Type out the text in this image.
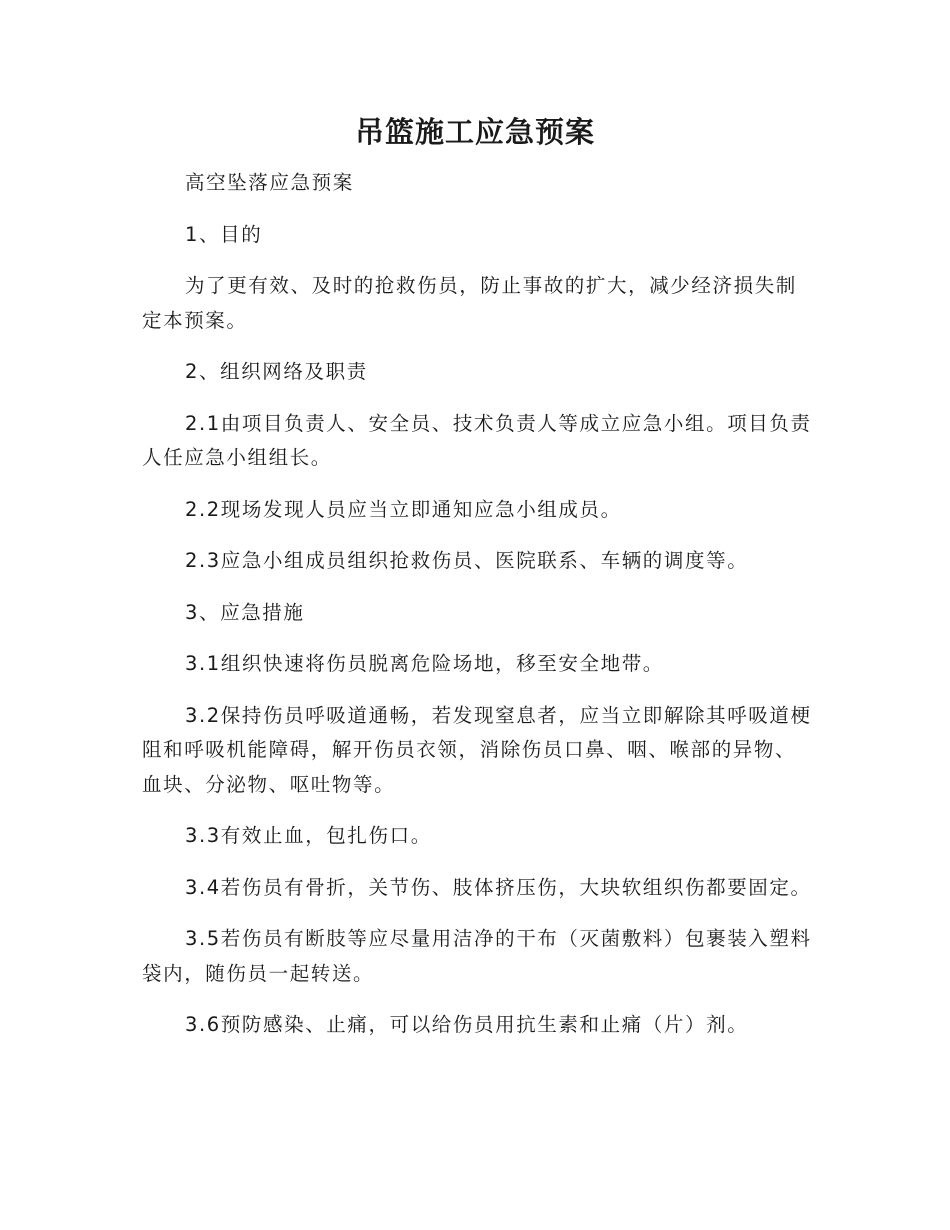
吊篮施工应急预案

高空坠落应急预案

1、目的

为了更有效、及时的抢救伤员，防止事故的扩大，减少经济损失制定本预案。

2、组织网络及职责

2.1由项目负责人、安全员、技术负责人等成立应急小组。项目负责人任应急小组组长。

2.2现场发现人员应当立即通知应急小组成员。

2.3应急小组成员组织抢救伤员、医院联系、车辆的调度等。

3、应急措施

3.1组织快速将伤员脱离危险场地，移至安全地带。

3.2保持伤员呼吸道通畅，若发现窒息者，应当立即解除其呼吸道梗阻和呼吸机能障碍，解开伤员衣领，消除伤员口鼻、咽、喉部的异物、血块、分泌物、呕吐物等。

3.3有效止血，包扎伤口。

3.4若伤员有骨折，关节伤、肢体挤压伤，大块软组织伤都要固定。

3.5若伤员有断肢等应尽量用洁净的干布（灭菌敷料）包裹装入塑料袋内，随伤员一起转送。

3.6预防感染、止痛，可以给伤员用抗生素和止痛（片）剂。
